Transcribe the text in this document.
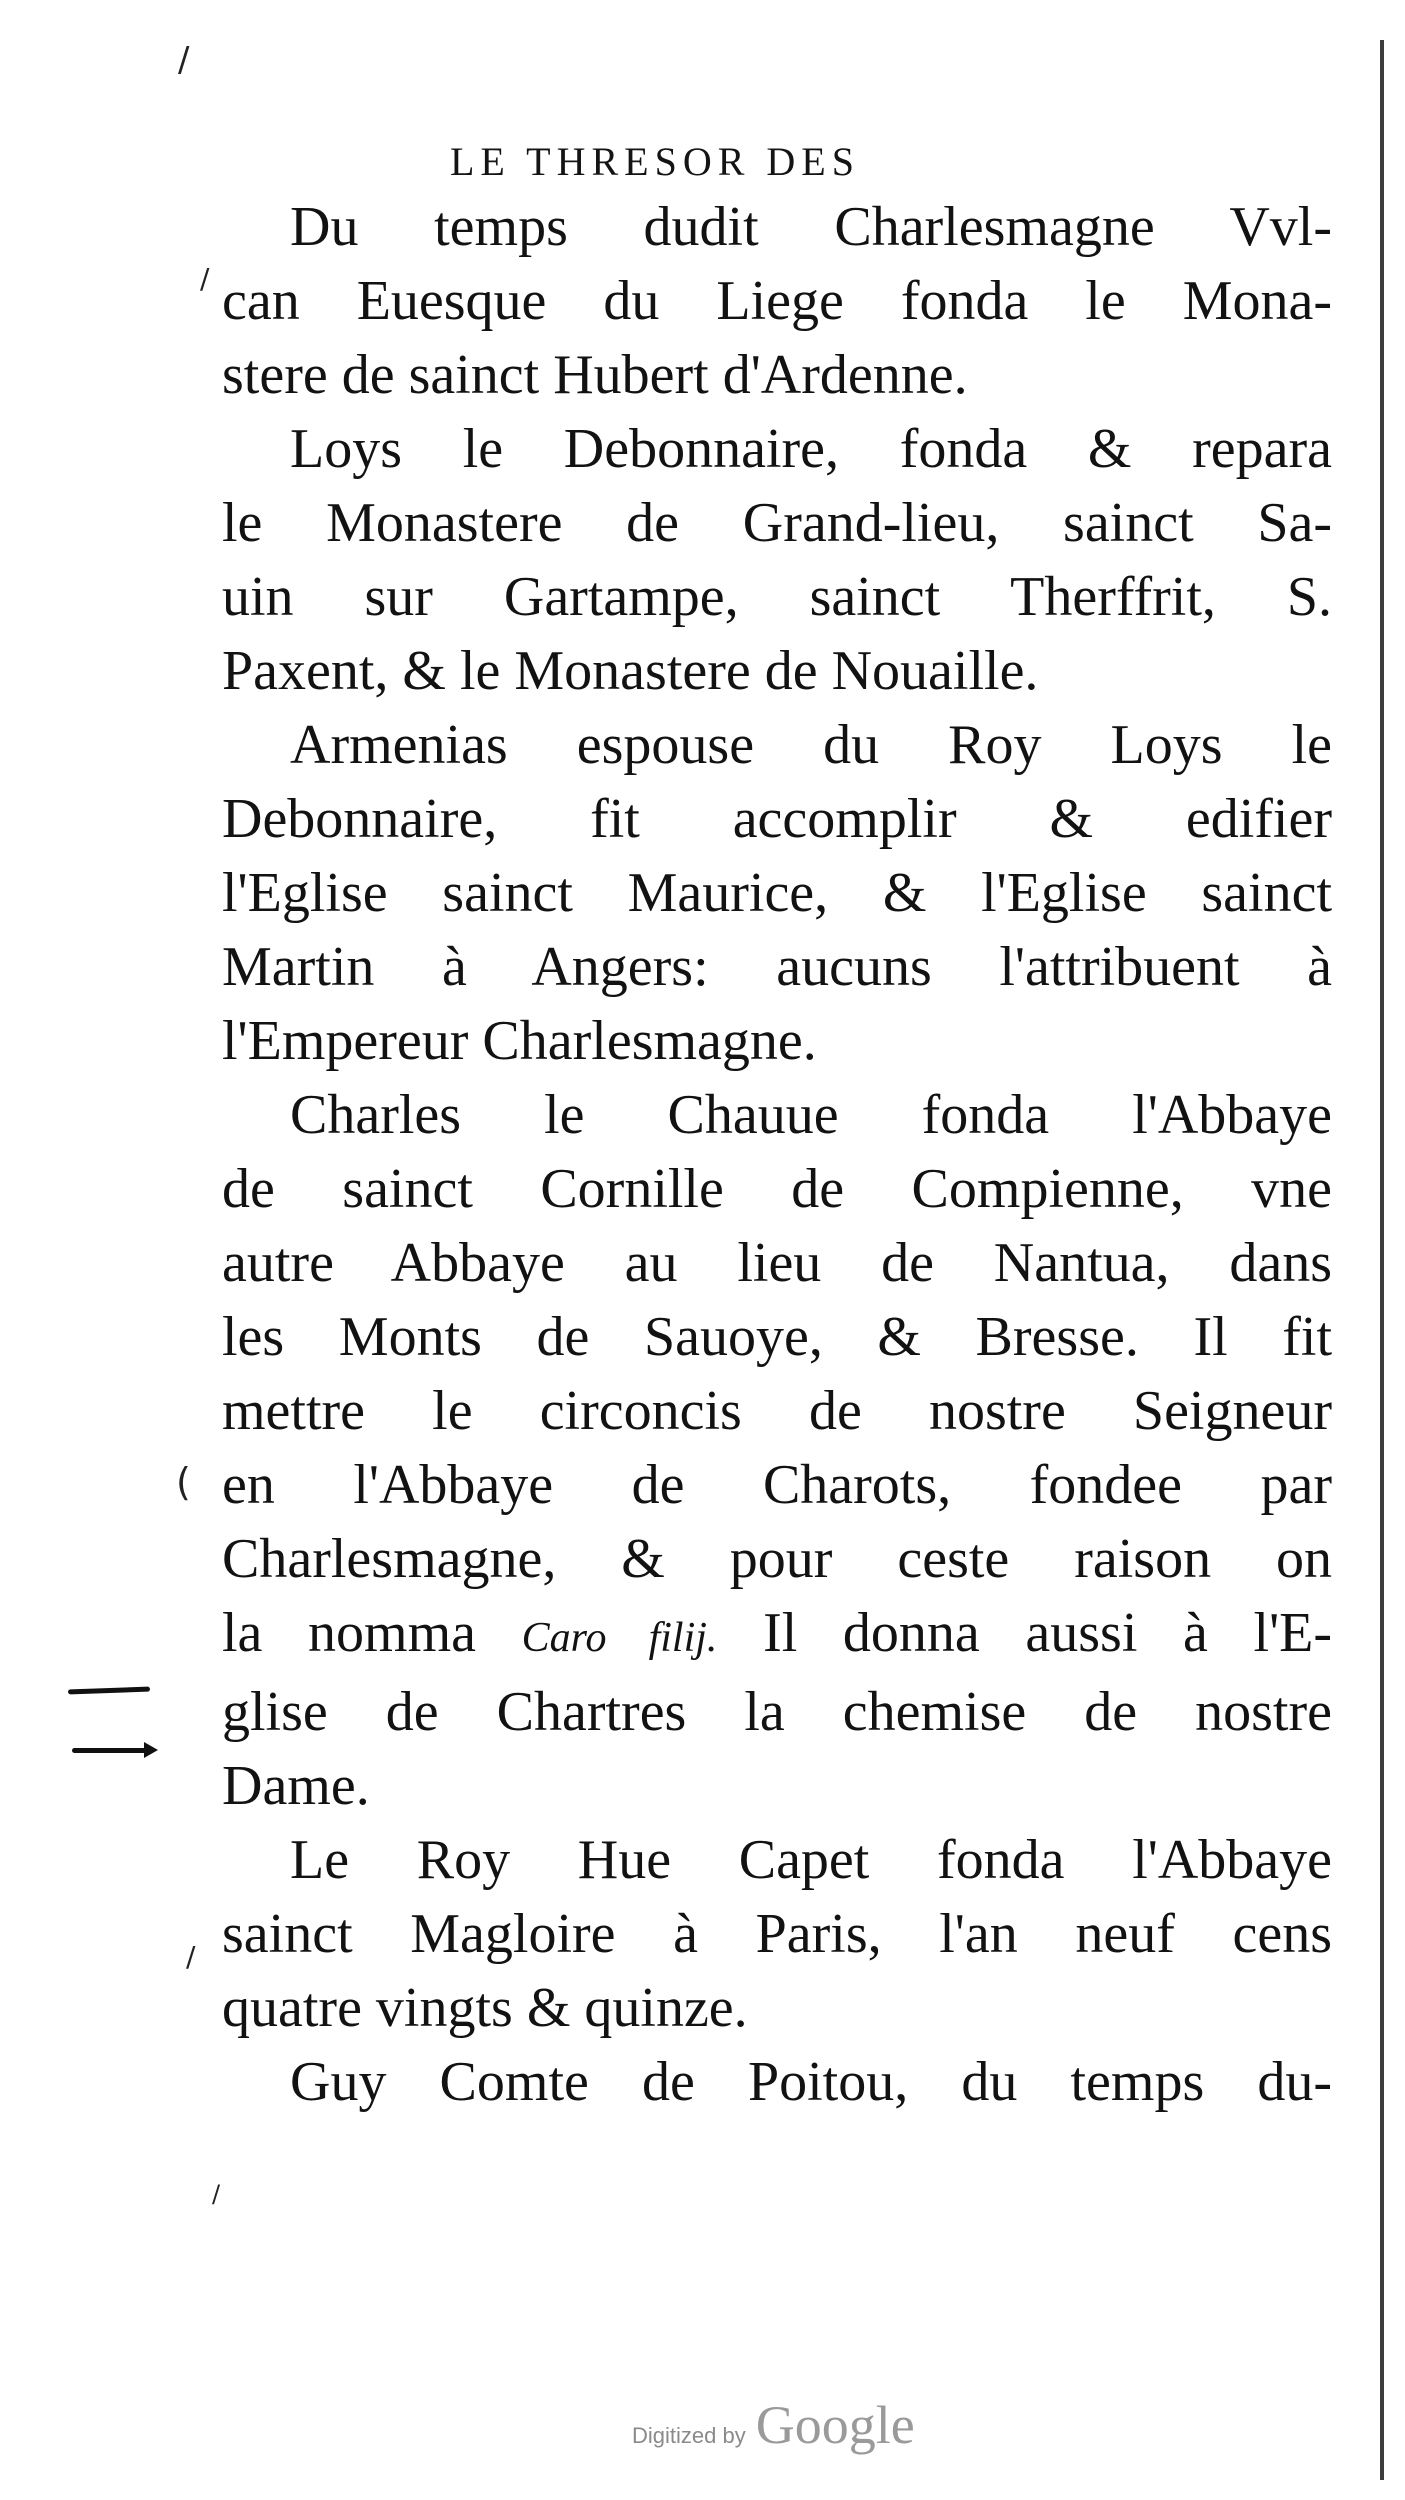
/
/
(
/
/
LE THRESOR DES

Du temps dudit Charlesmagne Vvl-
can Euesque du Liege fonda le Mona-
stere de sainct Hubert d'Ardenne.

Loys le Debonnaire, fonda & repara
le Monastere de Grand-lieu, sainct Sa-
uin sur Gartampe, sainct Therffrit, S.
Paxent, & le Monastere de Nouaille.

Armenias espouse du Roy Loys le
Debonnaire, fit accomplir & edifier
l'Eglise sainct Maurice, & l'Eglise sainct
Martin à Angers: aucuns l'attribuent à
l'Empereur Charlesmagne.

Charles le Chauue fonda l'Abbaye
de sainct Cornille de Compienne, vne
autre Abbaye au lieu de Nantua, dans
les Monts de Sauoye, & Bresse. Il fit
mettre le circoncis de nostre Seigneur
en l'Abbaye de Charots, fondee par
Charlesmagne, & pour ceste raison on
la nomma Caro filij. Il donna aussi à l'E-
glise de Chartres la chemise de nostre
Dame.

Le Roy Hue Capet fonda l'Abbaye
sainct Magloire à Paris, l'an neuf cens
quatre vingts & quinze.

Guy Comte de Poitou, du temps du-

Digitized by Google
